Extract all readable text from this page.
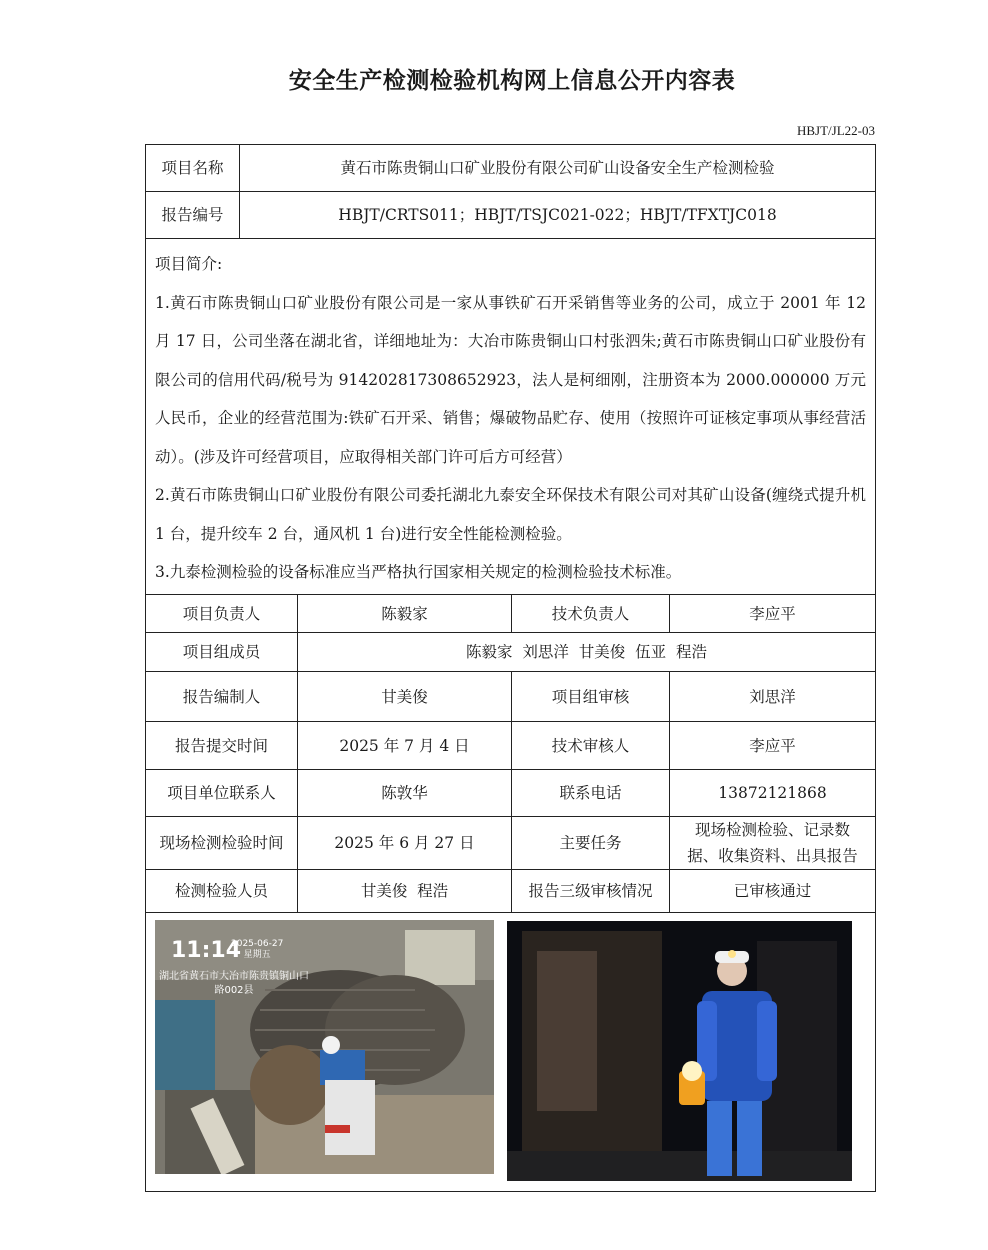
安全生产检测检验机构网上信息公开内容表
HBJT/JL22-03
项目名称	黄石市陈贵铜山口矿业股份有限公司矿山设备安全生产检测检验			
报告编号	HBJT/CRTS011；HBJT/TSJC021-022；HBJT/TFXTJC018			

项目简介:

1.黄石市陈贵铜山口矿业股份有限公司是一家从事铁矿石开采销售等业务的公司，成立于 2001 年 12 月 17 日，公司坐落在湖北省，详细地址为：大冶市陈贵铜山口村张泗朱;黄石市陈贵铜山口矿业股份有限公司的信用代码/税号为 914202817308652923，法人是柯细刚，注册资本为 2000.000000 万元人民币，企业的经营范围为:铁矿石开采、销售；爆破物品贮存、使用（按照许可证核定事项从事经营活动）。(涉及许可经营项目，应取得相关部门许可后方可经营）

2.黄石市陈贵铜山口矿业股份有限公司委托湖北九泰安全环保技术有限公司对其矿山设备(缠绕式提升机 1 台，提升绞车 2 台，通风机 1 台)进行安全性能检测检验。

3.九泰检测检验的设备标准应当严格执行国家相关规定的检测检验技术标准。				

项目负责人		陈毅家	技术负责人	李应平
项目组成员		陈毅家  刘思洋  甘美俊  伍亚  程浩		
报告编制人		甘美俊	项目组审核	刘思洋
报告提交时间		2025 年 7 月 4 日	技术审核人	李应平
项目单位联系人		陈敦华	联系电话	13872121868
现场检测检验时间		2025 年 6 月 27 日	主要任务	现场检测检验、记录数据、收集资料、出具报告
检测检验人员		甘美俊  程浩	报告三级审核情况	已审核通过

11:14
2025-06-27
星期五
湖北省黄石市大冶市陈贵镇铜山口路002县				
